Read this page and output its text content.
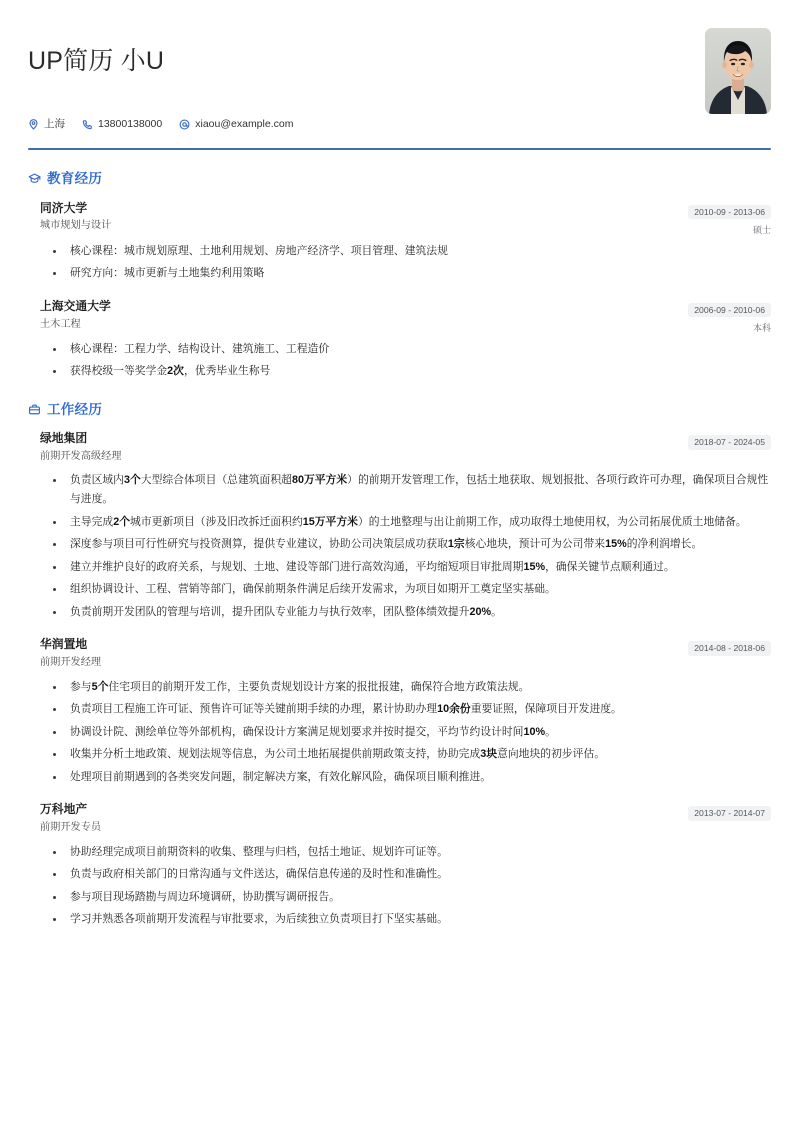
UP简历 小U
上海	13800138000	xiaou@example.com
教育经历
同济大学
城市规划与设计
2010-09 - 2013-06
硕士
核心课程：城市规划原理、土地利用规划、房地产经济学、项目管理、建筑法规
研究方向：城市更新与土地集约利用策略
上海交通大学
土木工程
2006-09 - 2010-06
本科
核心课程：工程力学、结构设计、建筑施工、工程造价
获得校级一等奖学金2次，优秀毕业生称号
工作经历
绿地集团
前期开发高级经理
2018-07 - 2024-05
负责区域内3个大型综合体项目（总建筑面积超80万平方米）的前期开发管理工作，包括土地获取、规划报批、各项行政许可办理，确保项目合规性与进度。
主导完成2个城市更新项目（涉及旧改拆迁面积约15万平方米）的土地整理与出让前期工作，成功取得土地使用权，为公司拓展优质土地储备。
深度参与项目可行性研究与投资测算，提供专业建议，协助公司决策层成功获取1宗核心地块，预计可为公司带来15%的净利润增长。
建立并维护良好的政府关系，与规划、土地、建设等部门进行高效沟通，平均缩短项目审批周期15%，确保关键节点顺利通过。
组织协调设计、工程、营销等部门，确保前期条件满足后续开发需求，为项目如期开工奠定坚实基础。
负责前期开发团队的管理与培训，提升团队专业能力与执行效率，团队整体绩效提升20%。
华润置地
前期开发经理
2014-08 - 2018-06
参与5个住宅项目的前期开发工作，主要负责规划设计方案的报批报建，确保符合地方政策法规。
负责项目工程施工许可证、预售许可证等关键前期手续的办理，累计协助办理10余份重要证照，保障项目开发进度。
协调设计院、测绘单位等外部机构，确保设计方案满足规划要求并按时提交，平均节约设计时间10%。
收集并分析土地政策、规划法规等信息，为公司土地拓展提供前期政策支持，协助完成3块意向地块的初步评估。
处理项目前期遇到的各类突发问题，制定解决方案，有效化解风险，确保项目顺利推进。
万科地产
前期开发专员
2013-07 - 2014-07
协助经理完成项目前期资料的收集、整理与归档，包括土地证、规划许可证等。
负责与政府相关部门的日常沟通与文件送达，确保信息传递的及时性和准确性。
参与项目现场踏勘与周边环境调研，协助撰写调研报告。
学习并熟悉各项前期开发流程与审批要求，为后续独立负责项目打下坚实基础。
